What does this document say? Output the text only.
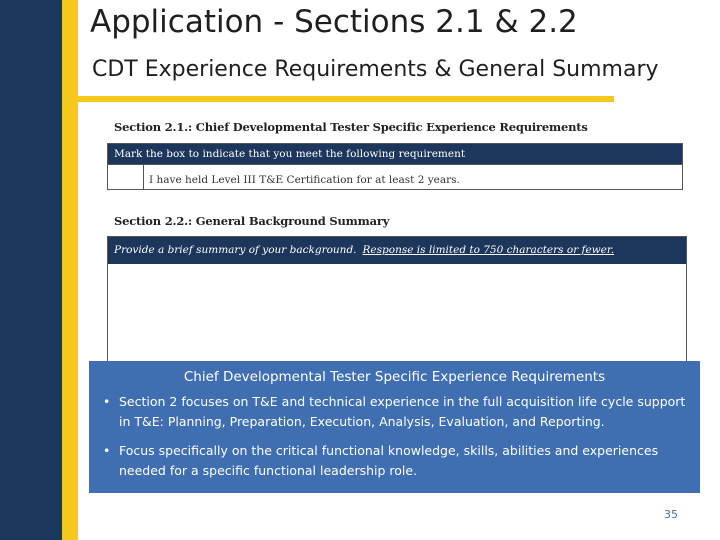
Application - Sections 2.1 & 2.2
CDT Experience Requirements & General Summary
Section 2.1.: Chief Developmental Tester Specific Experience Requirements
Mark the box to indicate that you meet the following requirement
I have held Level III T&E Certification for at least 2 years.
Section 2.2.: General Background Summary
Provide a brief summary of your background. Response is limited to 750 characters or fewer.
Chief Developmental Tester Specific Experience Requirements
• Section 2 focuses on T&E and technical experience in the full acquisition life cycle support in T&E: Planning, Preparation, Execution, Analysis, Evaluation, and Reporting.
• Focus specifically on the critical functional knowledge, skills, abilities and experiences needed for a specific functional leadership role.
35
